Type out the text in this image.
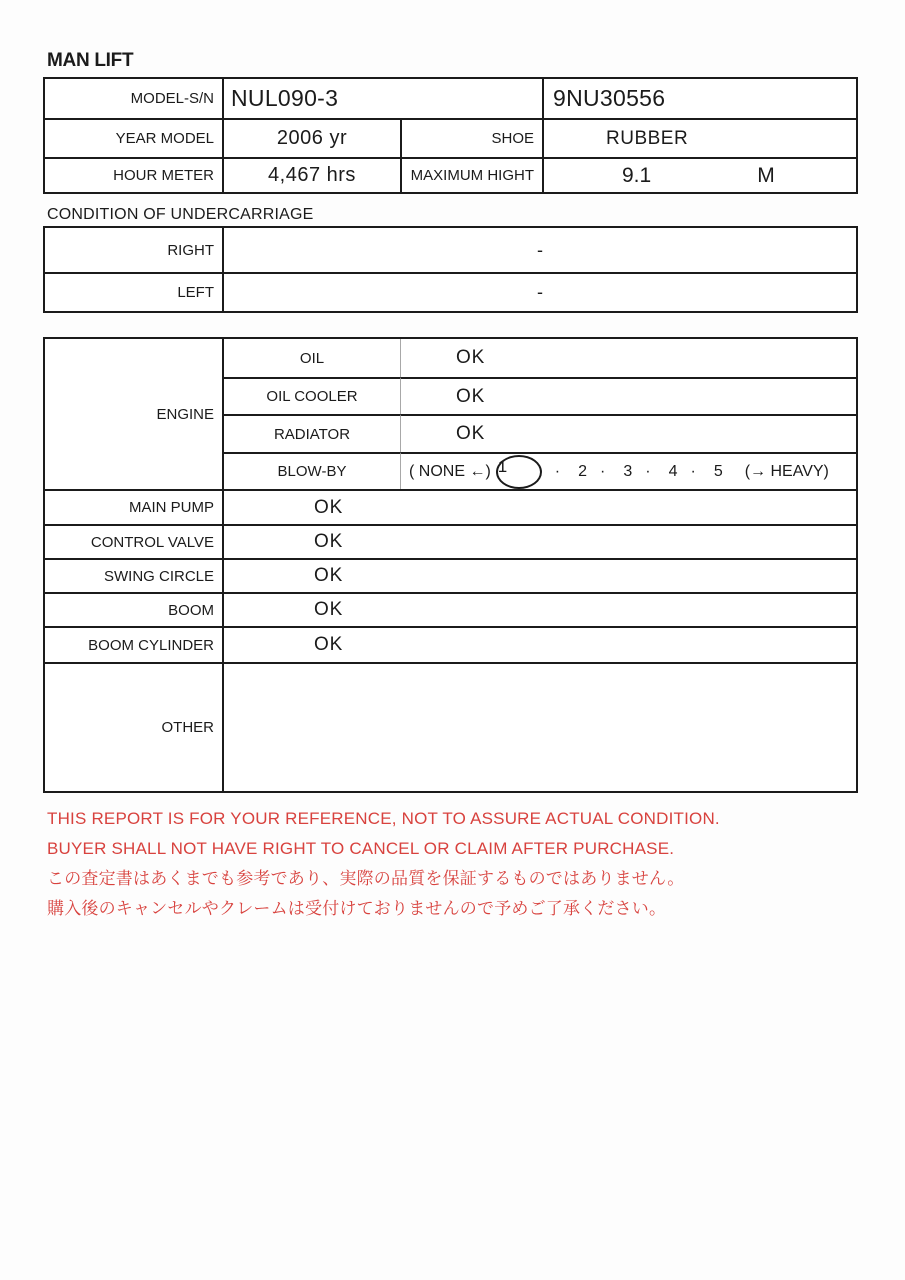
MAN LIFT
MODEL-S/N NUL090-3	9NU30556
YEAR MODEL	2006 yr	SHOE	RUBBER
HOUR METER	4,467 hrs	MAXIMUM HIGHT	9.1	M
CONDITION OF UNDERCARRIAGE
RIGHT	-
LEFT	-
ENGINE
OIL	OK
OIL COOLER	OK
RADIATOR	OK
BLOW-BY	( NONE ←) 1	· 2 · 3 · 4 · 5 (→ HEAVY)
MAIN PUMP	OK
CONTROL VALVE	OK
SWING CIRCLE	OK
BOOM	OK
BOOM CYLINDER	OK
OTHER
THIS REPORT IS FOR YOUR REFERENCE, NOT TO ASSURE ACTUAL CONDITION.
BUYER SHALL NOT HAVE RIGHT TO CANCEL OR CLAIM AFTER PURCHASE.
この査定書はあくまでも参考であり、実際の品質を保証するものではありません。
購入後のキャンセルやクレームは受付けておりませんので予めご了承ください。
